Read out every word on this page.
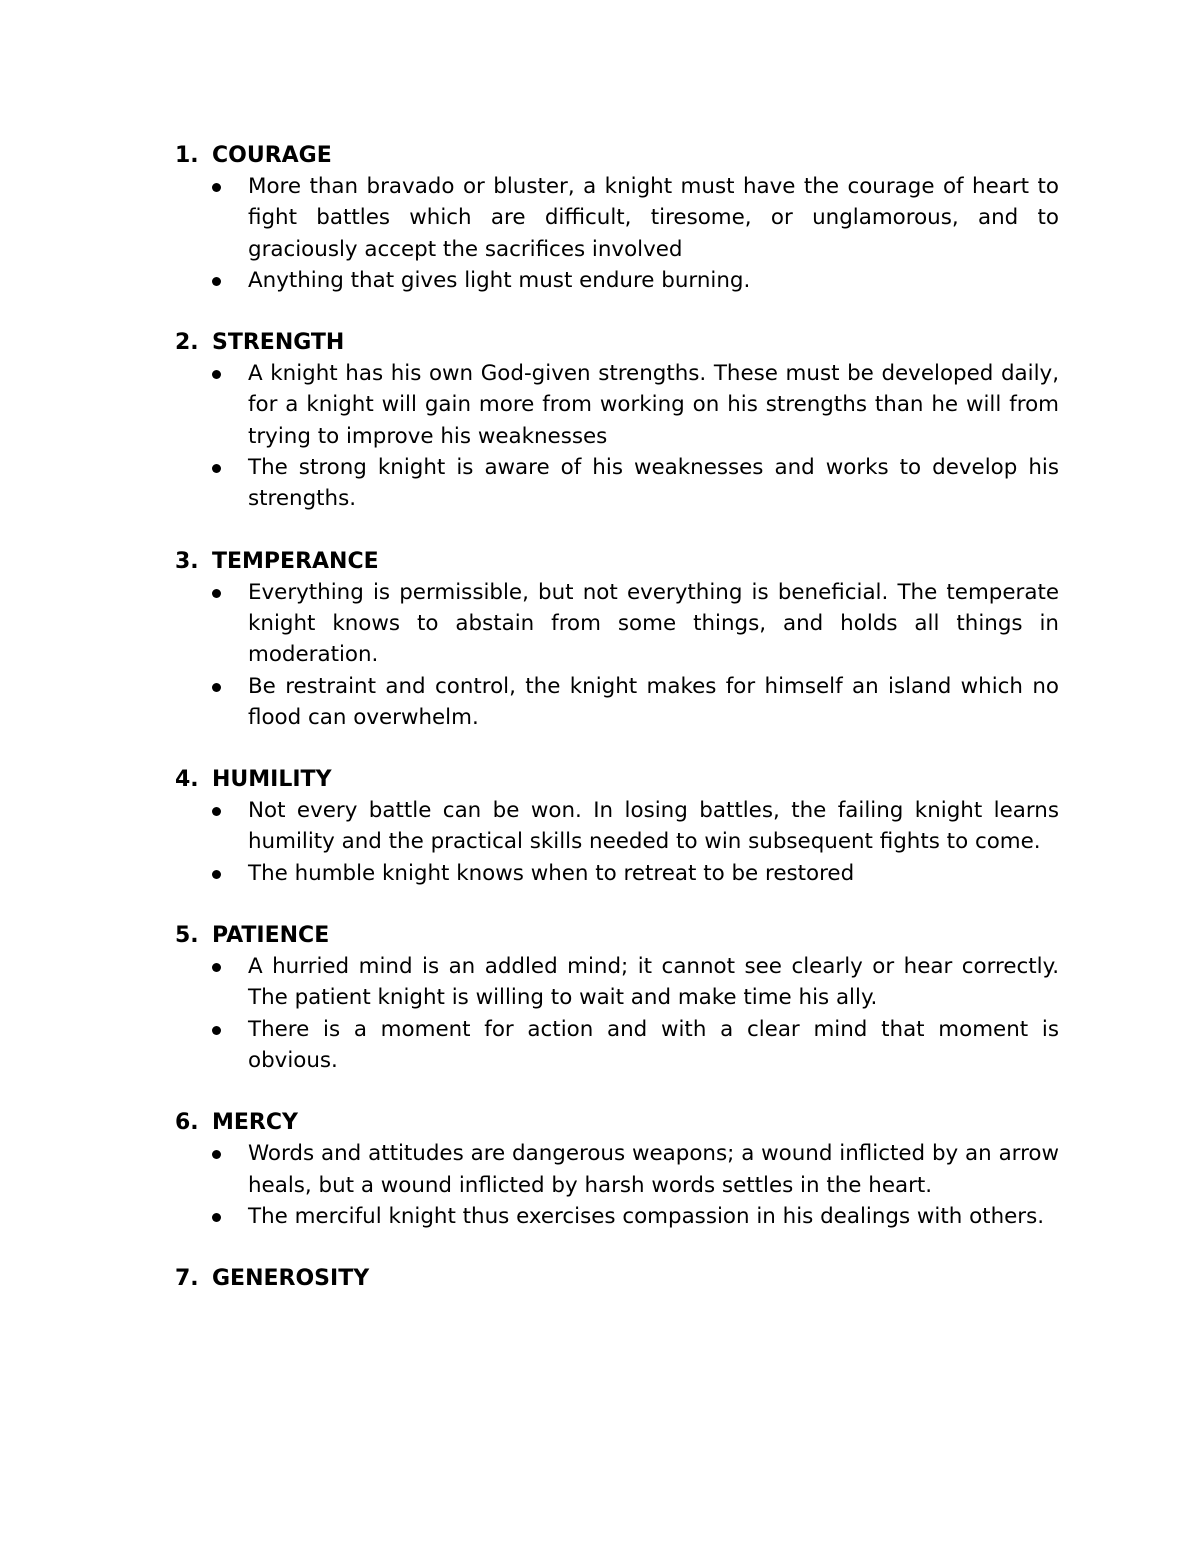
1. COURAGE
More than bravado or bluster, a knight must have the courage of heart to fight battles which are difficult, tiresome, or unglamorous, and to graciously accept the sacrifices involved
Anything that gives light must endure burning.
2. STRENGTH
A knight has his own God-given strengths. These must be developed daily, for a knight will gain more from working on his strengths than he will from trying to improve his weaknesses
The strong knight is aware of his weaknesses and works to develop his strengths.
3. TEMPERANCE
Everything is permissible, but not everything is beneficial. The temperate knight knows to abstain from some things, and holds all things in moderation.
Be restraint and control, the knight makes for himself an island which no flood can overwhelm.
4. HUMILITY
Not every battle can be won. In losing battles, the failing knight learns humility and the practical skills needed to win subsequent fights to come.
The humble knight knows when to retreat to be restored
5. PATIENCE
A hurried mind is an addled mind; it cannot see clearly or hear correctly. The patient knight is willing to wait and make time his ally.
There is a moment for action and with a clear mind that moment is obvious.
6. MERCY
Words and attitudes are dangerous weapons; a wound inflicted by an arrow heals, but a wound inflicted by harsh words settles in the heart.
The merciful knight thus exercises compassion in his dealings with others.
7. GENEROSITY
